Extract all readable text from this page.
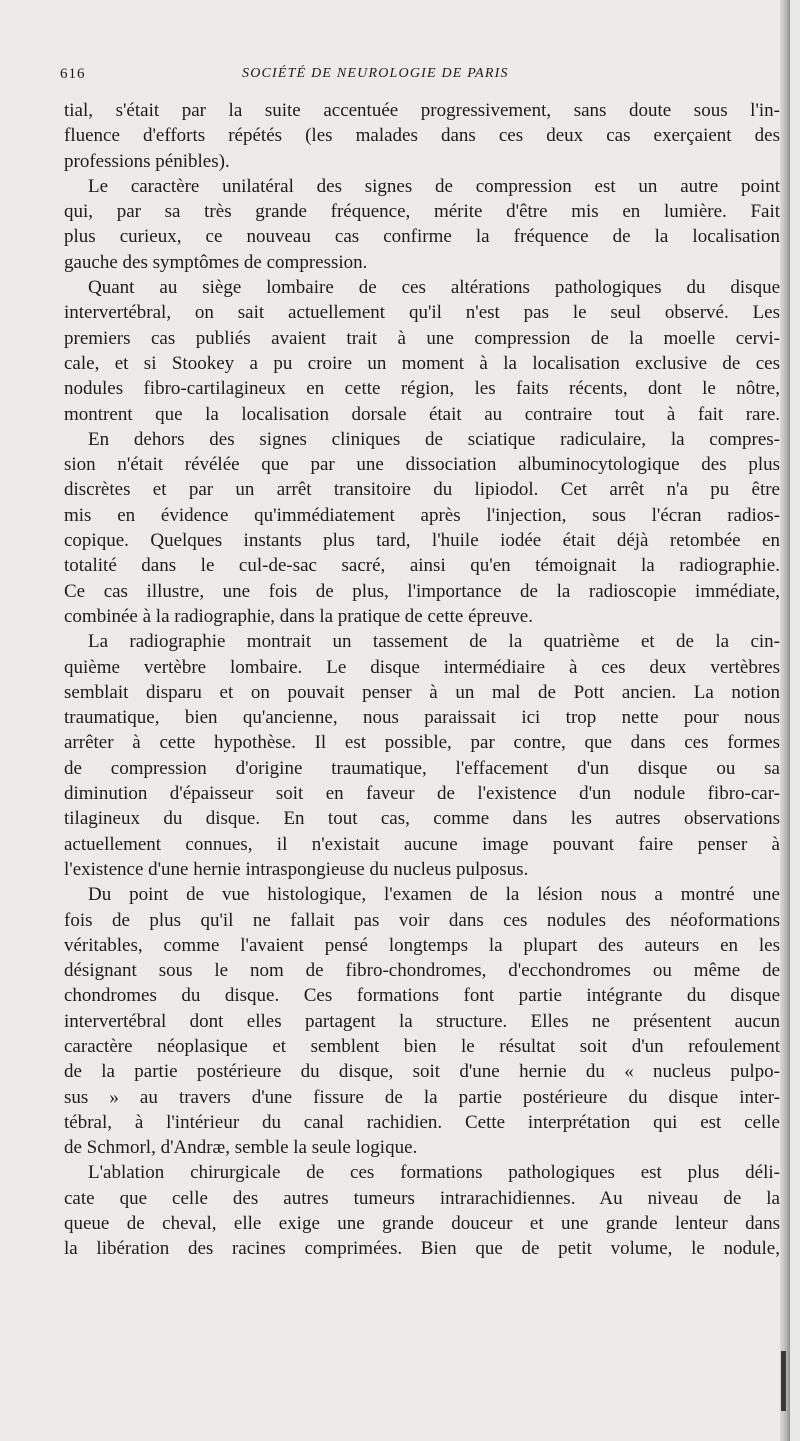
616	SOCIÉTÉ DE NEUROLOGIE DE PARIS
tial, s'était par la suite accentuée progressivement, sans doute sous l'in-
fluence d'efforts répétés (les malades dans ces deux cas exerçaient des
professions pénibles).
Le caractère unilatéral des signes de compression est un autre point
qui, par sa très grande fréquence, mérite d'être mis en lumière. Fait
plus curieux, ce nouveau cas confirme la fréquence de la localisation
gauche des symptômes de compression.
Quant au siège lombaire de ces altérations pathologiques du disque
intervertébral, on sait actuellement qu'il n'est pas le seul observé. Les
premiers cas publiés avaient trait à une compression de la moelle cervi-
cale, et si Stookey a pu croire un moment à la localisation exclusive de ces
nodules fibro-cartilagineux en cette région, les faits récents, dont le nôtre,
montrent que la localisation dorsale était au contraire tout à fait rare.
En dehors des signes cliniques de sciatique radiculaire, la compres-
sion n'était révélée que par une dissociation albuminocytologique des plus
discrètes et par un arrêt transitoire du lipiodol. Cet arrêt n'a pu être
mis en évidence qu'immédiatement après l'injection, sous l'écran radios-
copique. Quelques instants plus tard, l'huile iodée était déjà retombée en
totalité dans le cul-de-sac sacré, ainsi qu'en témoignait la radiographie.
Ce cas illustre, une fois de plus, l'importance de la radioscopie immédiate,
combinée à la radiographie, dans la pratique de cette épreuve.
La radiographie montrait un tassement de la quatrième et de la cin-
quième vertèbre lombaire. Le disque intermédiaire à ces deux vertèbres
semblait disparu et on pouvait penser à un mal de Pott ancien. La notion
traumatique, bien qu'ancienne, nous paraissait ici trop nette pour nous
arrêter à cette hypothèse. Il est possible, par contre, que dans ces formes
de compression d'origine traumatique, l'effacement d'un disque ou sa
diminution d'épaisseur soit en faveur de l'existence d'un nodule fibro-car-
tilagineux du disque. En tout cas, comme dans les autres observations
actuellement connues, il n'existait aucune image pouvant faire penser à
l'existence d'une hernie intraspongieuse du nucleus pulposus.
Du point de vue histologique, l'examen de la lésion nous a montré une
fois de plus qu'il ne fallait pas voir dans ces nodules des néoformations
véritables, comme l'avaient pensé longtemps la plupart des auteurs en les
désignant sous le nom de fibro-chondromes, d'ecchondromes ou même de
chondromes du disque. Ces formations font partie intégrante du disque
intervertébral dont elles partagent la structure. Elles ne présentent aucun
caractère néoplasique et semblent bien le résultat soit d'un refoulement
de la partie postérieure du disque, soit d'une hernie du « nucleus pulpo-
sus » au travers d'une fissure de la partie postérieure du disque inter-
tébral, à l'intérieur du canal rachidien. Cette interprétation qui est celle
de Schmorl, d'Andræ, semble la seule logique.
L'ablation chirurgicale de ces formations pathologiques est plus déli-
cate que celle des autres tumeurs intrarachidiennes. Au niveau de la
queue de cheval, elle exige une grande douceur et une grande lenteur dans
la libération des racines comprimées. Bien que de petit volume, le nodule,
